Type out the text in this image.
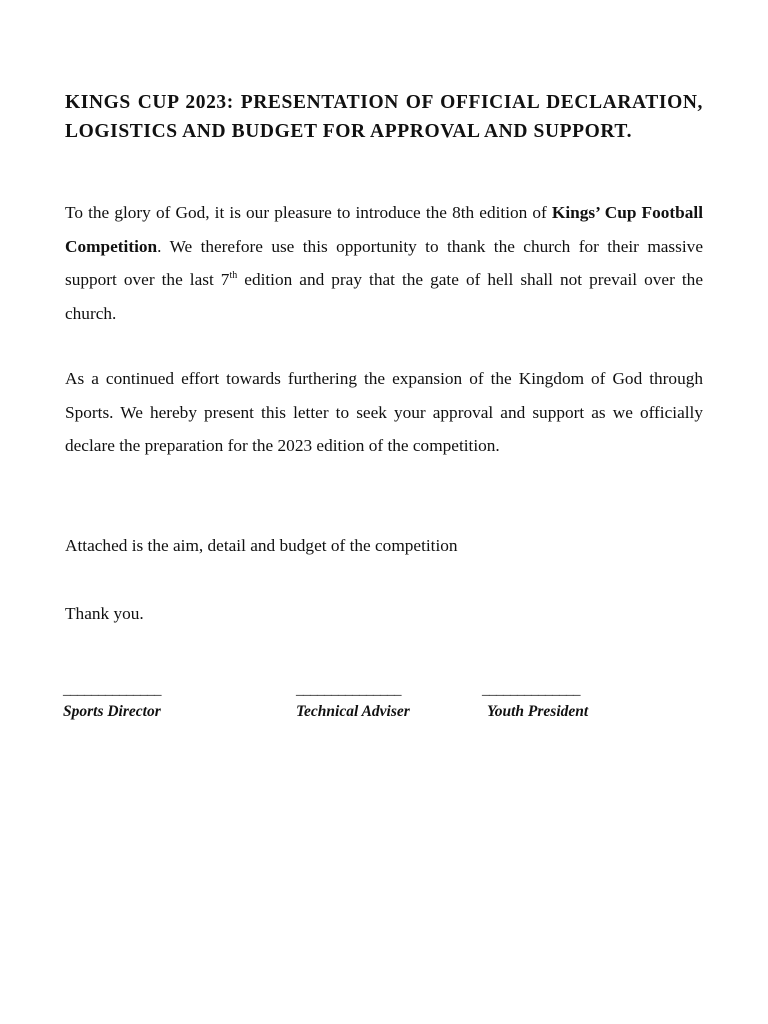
KINGS CUP 2023: PRESENTATION OF OFFICIAL DECLARATION, LOGISTICS AND BUDGET FOR APPROVAL AND SUPPORT.

To the glory of God, it is our pleasure to introduce the 8th edition of Kings’ Cup Football Competition. We therefore use this opportunity to thank the church for their massive support over the last 7th edition and pray that the gate of hell shall not prevail over the church.

As a continued effort towards furthering the expansion of the Kingdom of God through Sports. We hereby present this letter to seek your approval and support as we officially declare the preparation for the 2023 edition of the competition.

Attached is the aim, detail and budget of the competition

Thank you.

______________
Sports Director
_______________
Technical Adviser
______________
Youth President
